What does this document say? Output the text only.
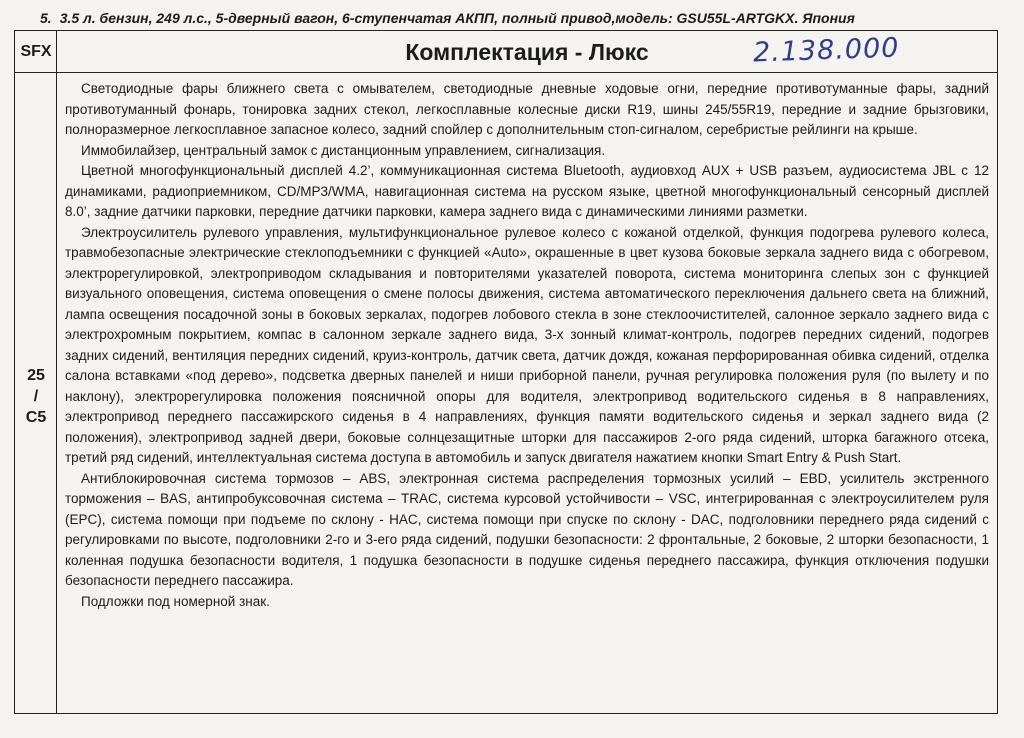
5. 3.5 л. бензин, 249 л.с., 5-дверный вагон, 6-ступенчатая АКПП, полный привод,модель: GSU55L-ARTGKX. Япония
SFX	Комплектация - Люкс	2.138.000
25
/
C5

Светодиодные фары ближнего света с омывателем, светодиодные дневные ходовые огни, передние противотуманные фары, задний противотуманный фонарь, тонировка задних стекол, легкосплавные колесные диски R19, шины 245/55R19, передние и задние брызговики, полноразмерное легкосплавное запасное колесо, задний спойлер с дополнительным стоп-сигналом, серебристые рейлинги на крыше.

Иммобилайзер, центральный замок с дистанционным управлением, сигнализация.

Цветной многофункциональный дисплей 4.2’, коммуникационная система Bluetooth, аудиовход AUX + USB разъем, аудиосистема JBL с 12 динамиками, радиоприемником, CD/MP3/WMA, навигационная система на русском языке, цветной многофункциональный сенсорный дисплей 8.0’, задние датчики парковки, передние датчики парковки, камера заднего вида с динамическими линиями разметки.

Электроусилитель рулевого управления, мультифункциональное рулевое колесо с кожаной отделкой, функция подогрева рулевого колеса, травмобезопасные электрические стеклоподъемники с функцией «Auto», окрашенные в цвет кузова боковые зеркала заднего вида с обогревом, электрорегулировкой, электроприводом складывания и повторителями указателей поворота, система мониторинга слепых зон с функцией визуального оповещения, система оповещения о смене полосы движения, система автоматического переключения дальнего света на ближний, лампа освещения посадочной зоны в боковых зеркалах, подогрев лобового стекла в зоне стеклоочистителей, салонное зеркало заднего вида с электрохромным покрытием, компас в салонном зеркале заднего вида, 3-х зонный климат-контроль, подогрев передних сидений, подогрев задних сидений, вентиляция передних сидений, круиз-контроль, датчик света, датчик дождя, кожаная перфорированная обивка сидений, отделка салона вставками «под дерево», подсветка дверных панелей и ниши приборной панели, ручная регулировка положения руля (по вылету и по наклону), электрорегулировка положения поясничной опоры для водителя, электропривод водительского сиденья в 8 направлениях, электропривод переднего пассажирского сиденья в 4 направлениях, функция памяти водительского сиденья и зеркал заднего вида (2 положения), электропривод задней двери, боковые солнцезащитные шторки для пассажиров 2-ого ряда сидений, шторка багажного отсека, третий ряд сидений, интеллектуальная система доступа в автомобиль и запуск двигателя нажатием кнопки Smart Entry & Push Start.

Антиблокировочная система тормозов – ABS, электронная система распределения тормозных усилий – EBD, усилитель экстренного торможения – BAS, антипробуксовочная система – TRAC, система курсовой устойчивости – VSC, интегрированная с электроусилителем руля (EPC), система помощи при подъеме по склону - HAC, система помощи при спуске по склону - DAC, подголовники переднего ряда сидений с регулировками по высоте, подголовники 2-го и 3-его ряда сидений, подушки безопасности: 2 фронтальные, 2 боковые, 2 шторки безопасности, 1 коленная подушка безопасности водителя, 1 подушка безопасности в подушке сиденья переднего пассажира, функция отключения подушки безопасности переднего пассажира.

Подложки под номерной знак.
